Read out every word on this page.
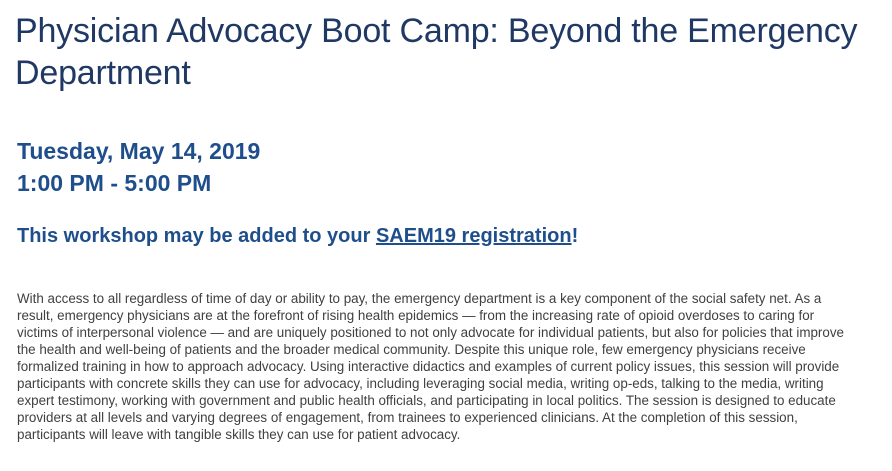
Physician Advocacy Boot Camp: Beyond the Emergency Department
Tuesday, May 14, 2019
1:00 PM - 5:00 PM
This workshop may be added to your SAEM19 registration!

With access to all regardless of time of day or ability to pay, the emergency department is a key component of the social safety net. As a result, emergency physicians are at the forefront of rising health epidemics — from the increasing rate of opioid overdoses to caring for victims of interpersonal violence — and are uniquely positioned to not only advocate for individual patients, but also for policies that improve the health and well-being of patients and the broader medical community. Despite this unique role, few emergency physicians receive formalized training in how to approach advocacy. Using interactive didactics and examples of current policy issues, this session will provide participants with concrete skills they can use for advocacy, including leveraging social media, writing op-eds, talking to the media, writing expert testimony, working with government and public health officials, and participating in local politics. The session is designed to educate providers at all levels and varying degrees of engagement, from trainees to experienced clinicians. At the completion of this session, participants will leave with tangible skills they can use for patient advocacy.
